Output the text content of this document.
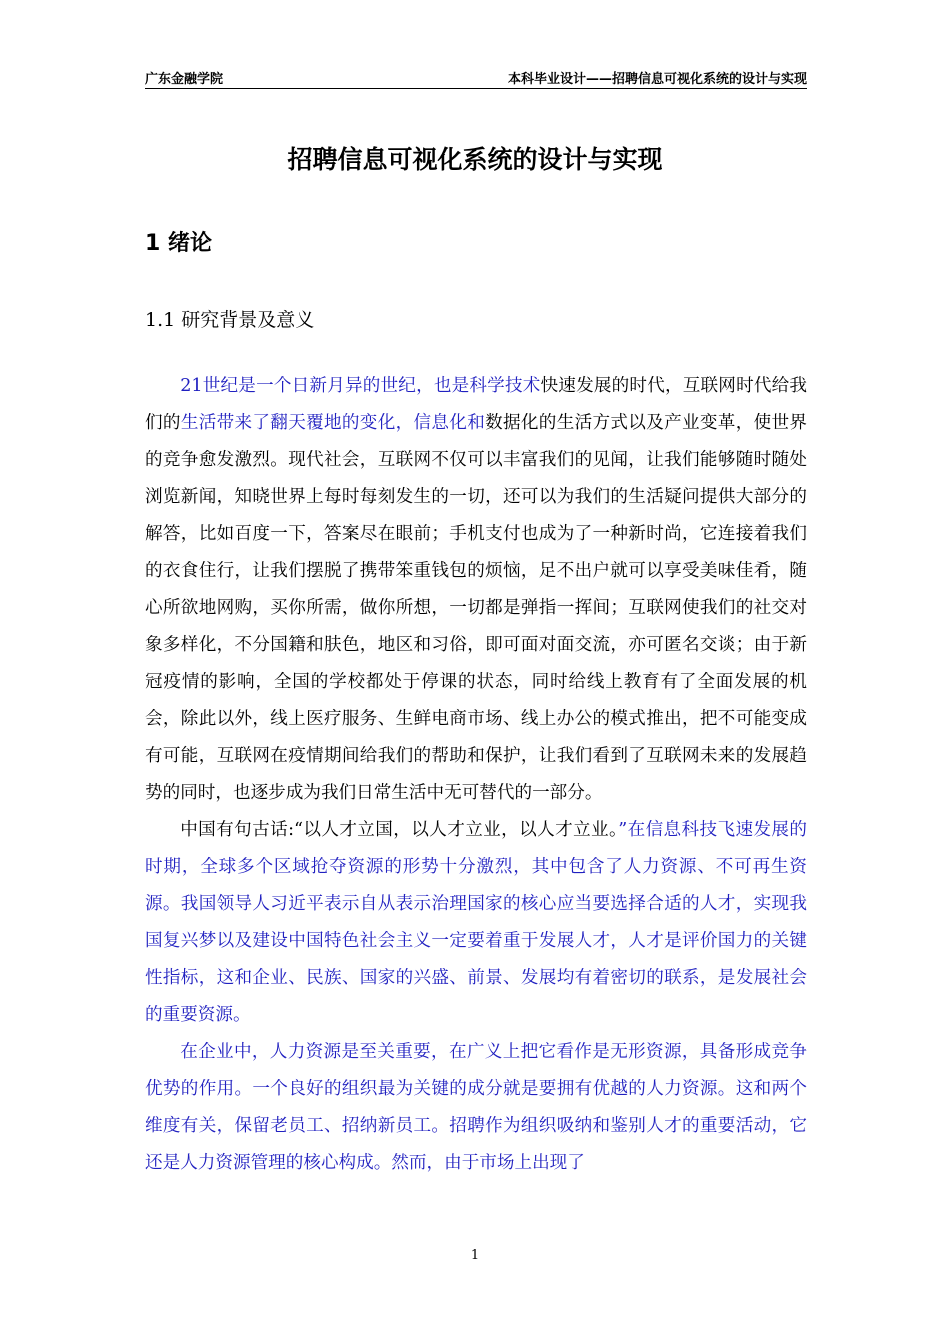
广东金融学院	本科毕业设计——招聘信息可视化系统的设计与实现
招聘信息可视化系统的设计与实现
1 绪论
1.1 研究背景及意义

21世纪是一个日新月异的世纪，也是科学技术快速发展的时代，互联网时代给我们的生活带来了翻天覆地的变化，信息化和数据化的生活方式以及产业变革，使世界的竞争愈发激烈。现代社会，互联网不仅可以丰富我们的见闻，让我们能够随时随处浏览新闻，知晓世界上每时每刻发生的一切，还可以为我们的生活疑问提供大部分的解答，比如百度一下，答案尽在眼前；手机支付也成为了一种新时尚，它连接着我们的衣食住行，让我们摆脱了携带笨重钱包的烦恼，足不出户就可以享受美味佳肴，随心所欲地网购，买你所需，做你所想，一切都是弹指一挥间；互联网使我们的社交对象多样化，不分国籍和肤色，地区和习俗，即可面对面交流，亦可匿名交谈；由于新冠疫情的影响，全国的学校都处于停课的状态，同时给线上教育有了全面发展的机会，除此以外，线上医疗服务、生鲜电商市场、线上办公的模式推出，把不可能变成有可能，互联网在疫情期间给我们的帮助和保护，让我们看到了互联网未来的发展趋势的同时，也逐步成为我们日常生活中无可替代的一部分。

中国有句古话:“以人才立国，以人才立业，以人才立业。”在信息科技飞速发展的时期，全球多个区域抢夺资源的形势十分激烈，其中包含了人力资源、不可再生资源。我国领导人习近平表示自从表示治理国家的核心应当要选择合适的人才，实现我国复兴梦以及建设中国特色社会主义一定要着重于发展人才，人才是评价国力的关键性指标，这和企业、民族、国家的兴盛、前景、发展均有着密切的联系，是发展社会的重要资源。

在企业中，人力资源是至关重要，在广义上把它看作是无形资源，具备形成竞争优势的作用。一个良好的组织最为关键的成分就是要拥有优越的人力资源。这和两个维度有关，保留老员工、招纳新员工。招聘作为组织吸纳和鉴别人才的重要活动，它还是人力资源管理的核心构成。然而，由于市场上出现了

1
